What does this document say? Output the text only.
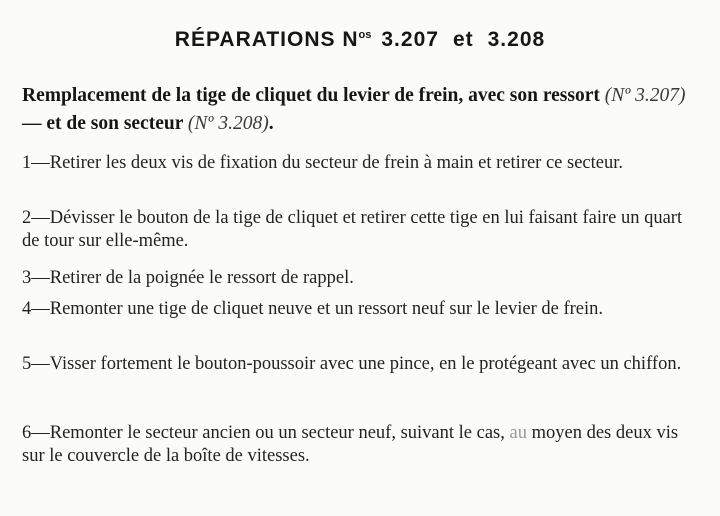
RÉPARATIONS $N^{os}$ 3.207 et 3.208
Remplacement de la tige de cliquet du levier de frein, avec son ressort (Nº 3.207) — et de son secteur (Nº 3.208).
1—Retirer les deux vis de fixation du secteur de frein à main et retirer ce secteur.
2—Dévisser le bouton de la tige de cliquet et retirer cette tige en lui faisant faire un quart de tour sur elle-même.
3—Retirer de la poignée le ressort de rappel.
4—Remonter une tige de cliquet neuve et un ressort neuf sur le levier de frein.
5—Visser fortement le bouton-poussoir avec une pince, en le protégeant avec un chiffon.
6—Remonter le secteur ancien ou un secteur neuf, suivant le cas, au moyen des deux vis sur le couvercle de la boîte de vitesses.
